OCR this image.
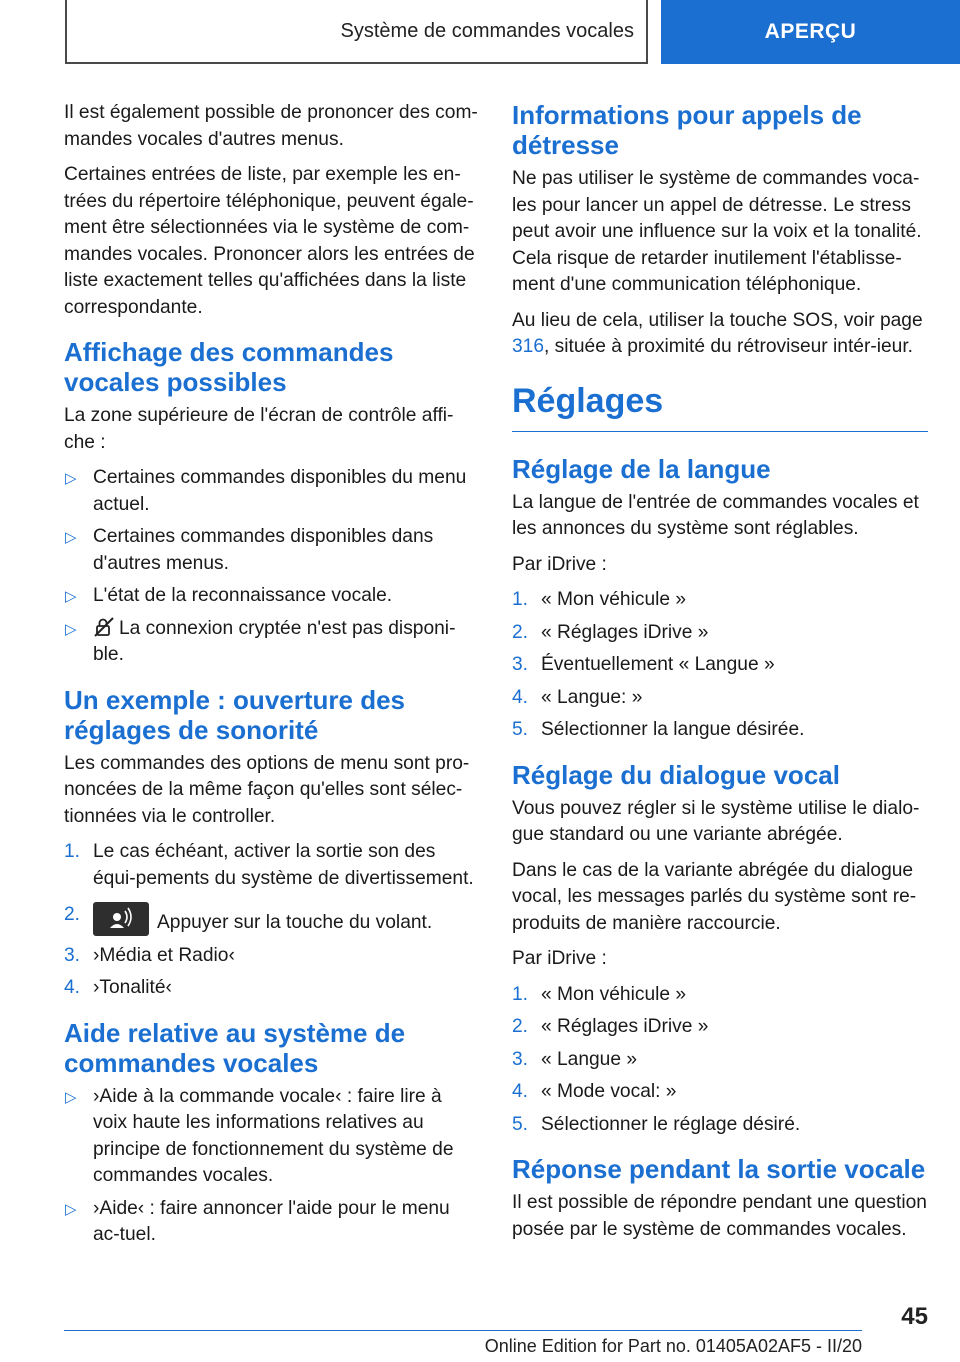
Système de commandes vocales	APERÇU

Il est également possible de prononcer des com-mandes vocales d'autres menus.

Certaines entrées de liste, par exemple les en-trées du répertoire téléphonique, peuvent égale-ment être sélectionnées via le système de com-mandes vocales. Prononcer alors les entrées de liste exactement telles qu'affichées dans la liste correspondante.

Affichage des commandes vocales possibles

La zone supérieure de l'écran de contrôle affi-che :

▷ Certaines commandes disponibles du menu actuel.
▷ Certaines commandes disponibles dans d'autres menus.
▷ L'état de la reconnaissance vocale.
▷ La connexion cryptée n'est pas disponi-ble.
Un exemple : ouverture des réglages de sonorité

Les commandes des options de menu sont pro-noncées de la même façon qu'elles sont sélec-tionnées via le controller.

1. Le cas échéant, activer la sortie son des équi-pements du système de divertissement.
2.	Appuyer sur la touche du volant.
3. ›Média et Radio‹
4. ›Tonalité‹
Aide relative au système de commandes vocales
▷ ›Aide à la commande vocale‹ : faire lire à voix haute les informations relatives au principe de fonctionnement du système de commandes vocales.
▷ ›Aide‹ : faire annoncer l'aide pour le menu ac-tuel.
Informations pour appels de détresse

Ne pas utiliser le système de commandes voca-les pour lancer un appel de détresse. Le stress peut avoir une influence sur la voix et la tonalité. Cela risque de retarder inutilement l'établisse-ment d'une communication téléphonique.

Au lieu de cela, utiliser la touche SOS, voir page 316, située à proximité du rétroviseur intér-ieur.

Réglages
Réglage de la langue

La langue de l'entrée de commandes vocales et les annonces du système sont réglables.

Par iDrive :

1. « Mon véhicule »
2. « Réglages iDrive »
3. Éventuellement « Langue »
4. « Langue: »
5. Sélectionner la langue désirée.
Réglage du dialogue vocal

Vous pouvez régler si le système utilise le dialo-gue standard ou une variante abrégée.

Dans le cas de la variante abrégée du dialogue vocal, les messages parlés du système sont re-produits de manière raccourcie.

Par iDrive :

1. « Mon véhicule »
2. « Réglages iDrive »
3. « Langue »
4. « Mode vocal: »
5. Sélectionner le réglage désiré.
Réponse pendant la sortie vocale

Il est possible de répondre pendant une question posée par le système de commandes vocales.

45
Online Edition for Part no. 01405A02AF5 - II/20
